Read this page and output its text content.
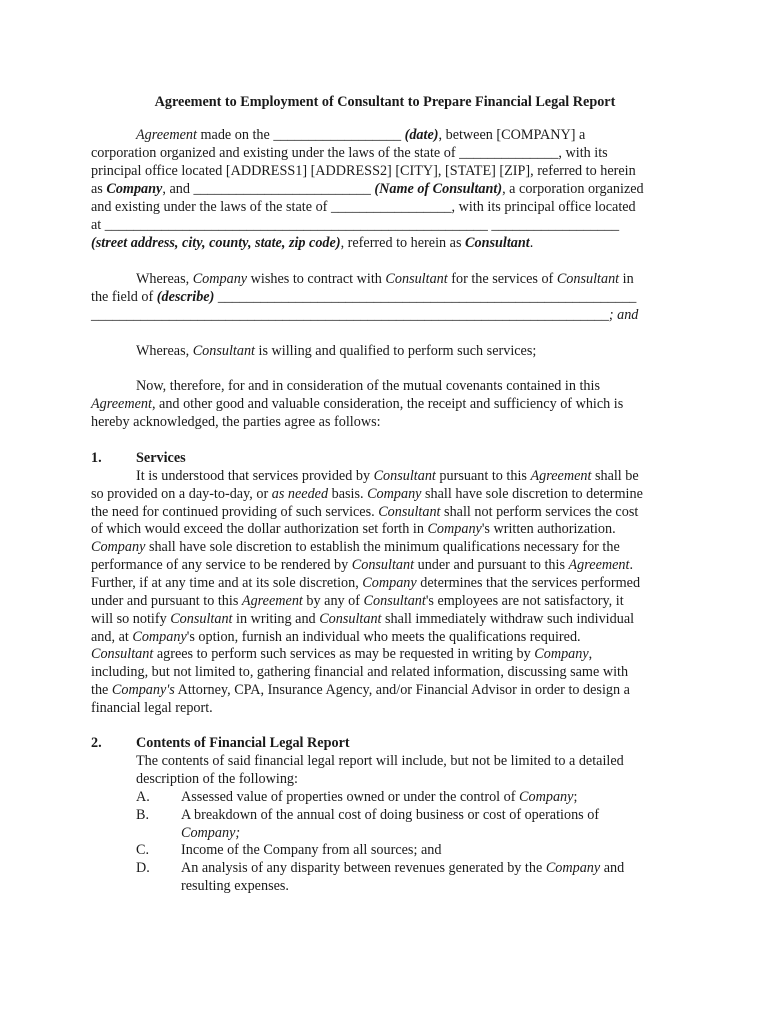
Agreement to Employment of Consultant to Prepare Financial Legal Report
Agreement made on the __________________ (date), between [COMPANY] a
corporation organized and existing under the laws of the state of ______________, with its
principal office located [ADDRESS1] [ADDRESS2] [CITY], [STATE] [ZIP], referred to herein
as Company, and _________________________ (Name of Consultant), a corporation organized
and existing under the laws of the state of _________________, with its principal office located
at ______________________________________________________ __________________
(street address, city, county, state, zip code), referred to herein as Consultant.
Whereas, Company wishes to contract with Consultant for the services of Consultant in
the field of (describe) ___________________________________________________________
_________________________________________________________________________; and
Whereas, Consultant is willing and qualified to perform such services;
Now, therefore, for and in consideration of the mutual covenants contained in this
Agreement, and other good and valuable consideration, the receipt and sufficiency of which is
hereby acknowledged, the parties agree as follows:
1. Services
It is understood that services provided by Consultant pursuant to this Agreement shall be
so provided on a day-to-day, or as needed basis. Company shall have sole discretion to determine
the need for continued providing of such services. Consultant shall not perform services the cost
of which would exceed the dollar authorization set forth in Company's written authorization.
Company shall have sole discretion to establish the minimum qualifications necessary for the
performance of any service to be rendered by Consultant under and pursuant to this Agreement.
Further, if at any time and at its sole discretion, Company determines that the services performed
under and pursuant to this Agreement by any of Consultant's employees are not satisfactory, it
will so notify Consultant in writing and Consultant shall immediately withdraw such individual
and, at Company's option, furnish an individual who meets the qualifications required.
Consultant agrees to perform such services as may be requested in writing by Company,
including, but not limited to, gathering financial and related information, discussing same with
the Company's Attorney, CPA, Insurance Agency, and/or Financial Advisor in order to design a
financial legal report.
2. Contents of Financial Legal Report
The contents of said financial legal report will include, but not be limited to a detailed
description of the following:
A. Assessed value of properties owned or under the control of Company;
B. A breakdown of the annual cost of doing business or cost of operations of
Company;
C. Income of the Company from all sources; and
D. An analysis of any disparity between revenues generated by the Company and
resulting expenses.
